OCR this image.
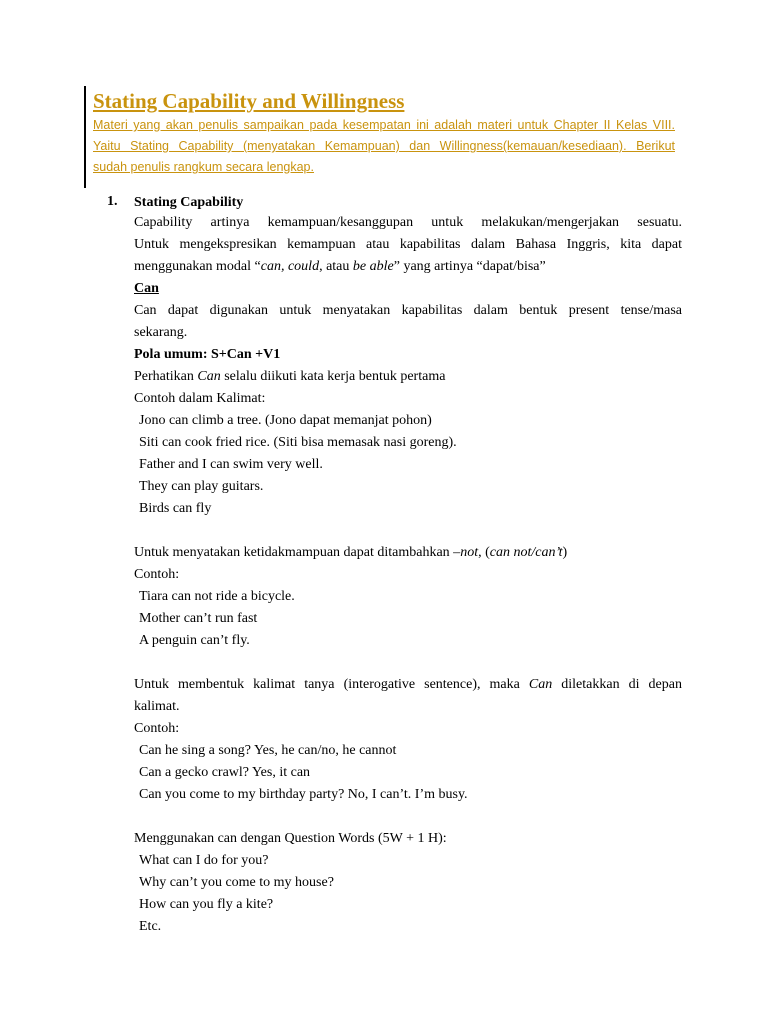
Stating Capability and Willingness
Materi yang akan penulis sampaikan pada kesempatan ini adalah materi untuk Chapter II Kelas VIII.
Yaitu Stating Capability (menyatakan Kemampuan) dan Willingness(kemauan/kesediaan). Berikut
sudah penulis rangkum secara lengkap.
1. Stating Capability
Capability artinya kemampuan/kesanggupan untuk melakukan/mengerjakan sesuatu.
Untuk mengekspresikan kemampuan atau kapabilitas dalam Bahasa Inggris, kita dapat
menggunakan modal “can, could, atau be able” yang artinya “dapat/bisa”
Can
Can dapat digunakan untuk menyatakan kapabilitas dalam bentuk present tense/masa
sekarang.
Pola umum: S+Can +V1
Perhatikan Can selalu diikuti kata kerja bentuk pertama
Contoh dalam Kalimat:
Jono can climb a tree. (Jono dapat memanjat pohon)
Siti can cook fried rice. (Siti bisa memasak nasi goreng).
Father and I can swim very well.
They can play guitars.
Birds can fly
Untuk menyatakan ketidakmampuan dapat ditambahkan –not, (can not/can’t)
Contoh:
Tiara can not ride a bicycle.
Mother can’t run fast
A penguin can’t fly.
Untuk membentuk kalimat tanya (interogative sentence), maka Can diletakkan di depan
kalimat.
Contoh:
Can he sing a song? Yes, he can/no, he cannot
Can a gecko crawl? Yes, it can
Can you come to my birthday party? No, I can’t. I’m busy.
Menggunakan can dengan Question Words (5W + 1 H):
What can I do for you?
Why can’t you come to my house?
How can you fly a kite?
Etc.
